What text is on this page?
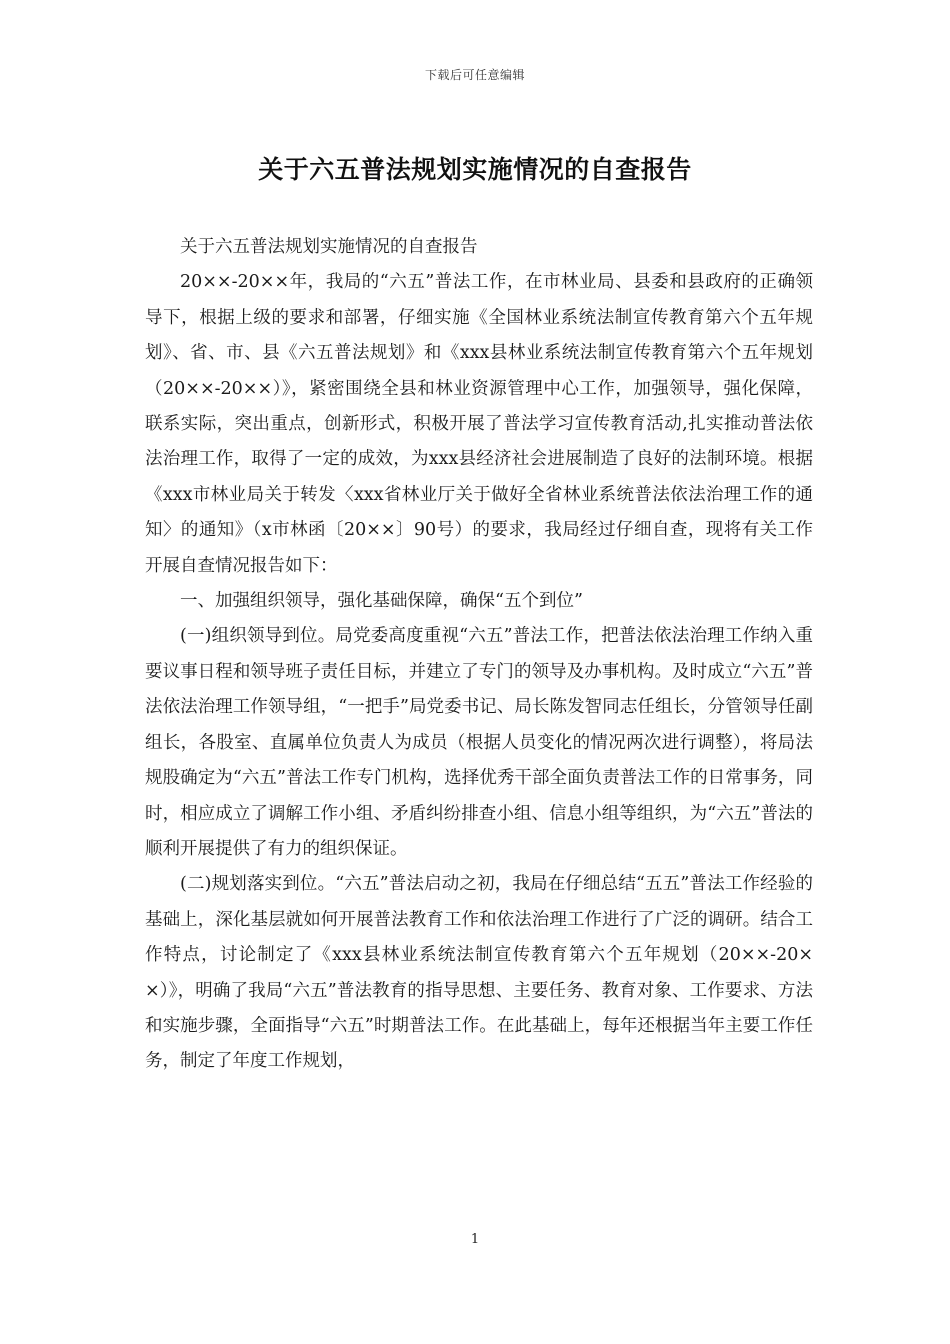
下载后可任意编辑
关于六五普法规划实施情况的自查报告

关于六五普法规划实施情况的自查报告

20××-20××年，我局的“六五”普法工作，在市林业局、县委和县政府的正确领导下，根据上级的要求和部署，仔细实施《全国林业系统法制宣传教育第六个五年规划》、省、市、县《六五普法规划》和《xxx县林业系统法制宣传教育第六个五年规划（20××-20××）》，紧密围绕全县和林业资源管理中心工作，加强领导，强化保障，联系实际，突出重点，创新形式，积极开展了普法学习宣传教育活动,扎实推动普法依法治理工作，取得了一定的成效，为xxx县经济社会进展制造了良好的法制环境。根据《xxx市林业局关于转发〈xxx省林业厅关于做好全省林业系统普法依法治理工作的通知〉的通知》（x市林函〔20××〕90号）的要求，我局经过仔细自查，现将有关工作开展自查情况报告如下：

一、加强组织领导，强化基础保障，确保“五个到位”

(一)组织领导到位。局党委高度重视“六五”普法工作，把普法依法治理工作纳入重要议事日程和领导班子责任目标，并建立了专门的领导及办事机构。及时成立“六五”普法依法治理工作领导组，“一把手”局党委书记、局长陈发智同志任组长，分管领导任副组长，各股室、直属单位负责人为成员（根据人员变化的情况两次进行调整），将局法规股确定为“六五”普法工作专门机构，选择优秀干部全面负责普法工作的日常事务，同时，相应成立了调解工作小组、矛盾纠纷排查小组、信息小组等组织，为“六五”普法的顺利开展提供了有力的组织保证。

(二)规划落实到位。“六五”普法启动之初，我局在仔细总结“五五”普法工作经验的基础上，深化基层就如何开展普法教育工作和依法治理工作进行了广泛的调研。结合工作特点，讨论制定了《xxx县林业系统法制宣传教育第六个五年规划（20××-20××）》，明确了我局“六五”普法教育的指导思想、主要任务、教育对象、工作要求、方法和实施步骤，全面指导“六五”时期普法工作。在此基础上，每年还根据当年主要工作任务，制定了年度工作规划，

1
